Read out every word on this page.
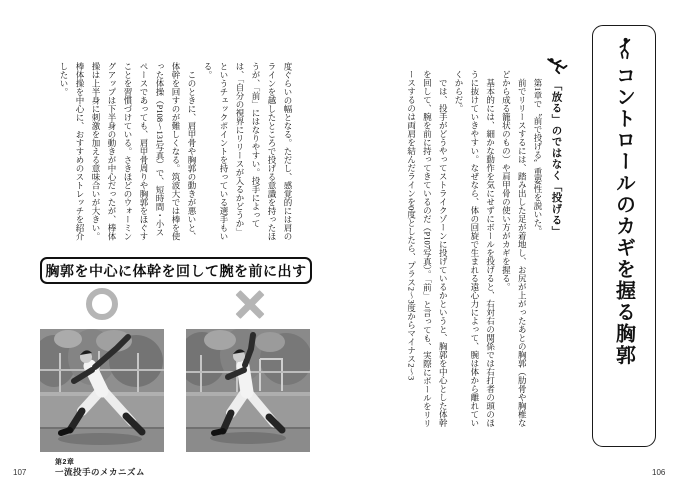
コントロールのカギを握る胸郭
「放る」のではなく「投げる」

　第1章で〝前で投げる〟重要性を説いた。

　前でリリースするには、踏み出した足が着地し、お尻が上がったあとの胸郭（肋骨や胸椎などから成る籠状のもの）や肩甲骨の使い方がカギを握る。

　基本的には、細かな動作を気にせずにボールを投げると、右対右の関係では右打者の頭のほうに抜けていきやすい。なぜなら、体の回旋で生まれる遠心力によって、腕は体から離れていくからだ。

　では、投手がどうやってストライクゾーンに投げているかというと、胸郭を中心とした体幹を回して、腕を前に持ってきているのだ（P107写真）。「前」と言っても、実際にボールをリリースするのは両肩を結んだラインを0度としたら、プラス2〜3度からマイナス2〜3

106

度ぐらいの幅となる。ただし、感覚的には肩のラインを越したところで投げる意識を持ったほうが、「前」にはなりやすい。投手によっては、「自分の視界にリリースが入るかどうか」というチェックポイントを持っている選手もいる。

　このときに、肩甲骨や胸郭の動きが悪いと、体幹を回すのが難しくなる。筑波大では棒を使った体操（P108〜131写真）で、短時間・小スペースであっても、肩甲骨周りや胸郭をほぐすことを習慣づけている。さきほどのウォーミングアップは下半身の動きが中心だったが、棒体操は上半身に刺激を加える意味合いが大きい。棒体操を中心に、おすすめのストレッチを紹介したい。

胸郭を中心に体幹を回して腕を前に出す
第2章
一流投手のメカニズム
107
